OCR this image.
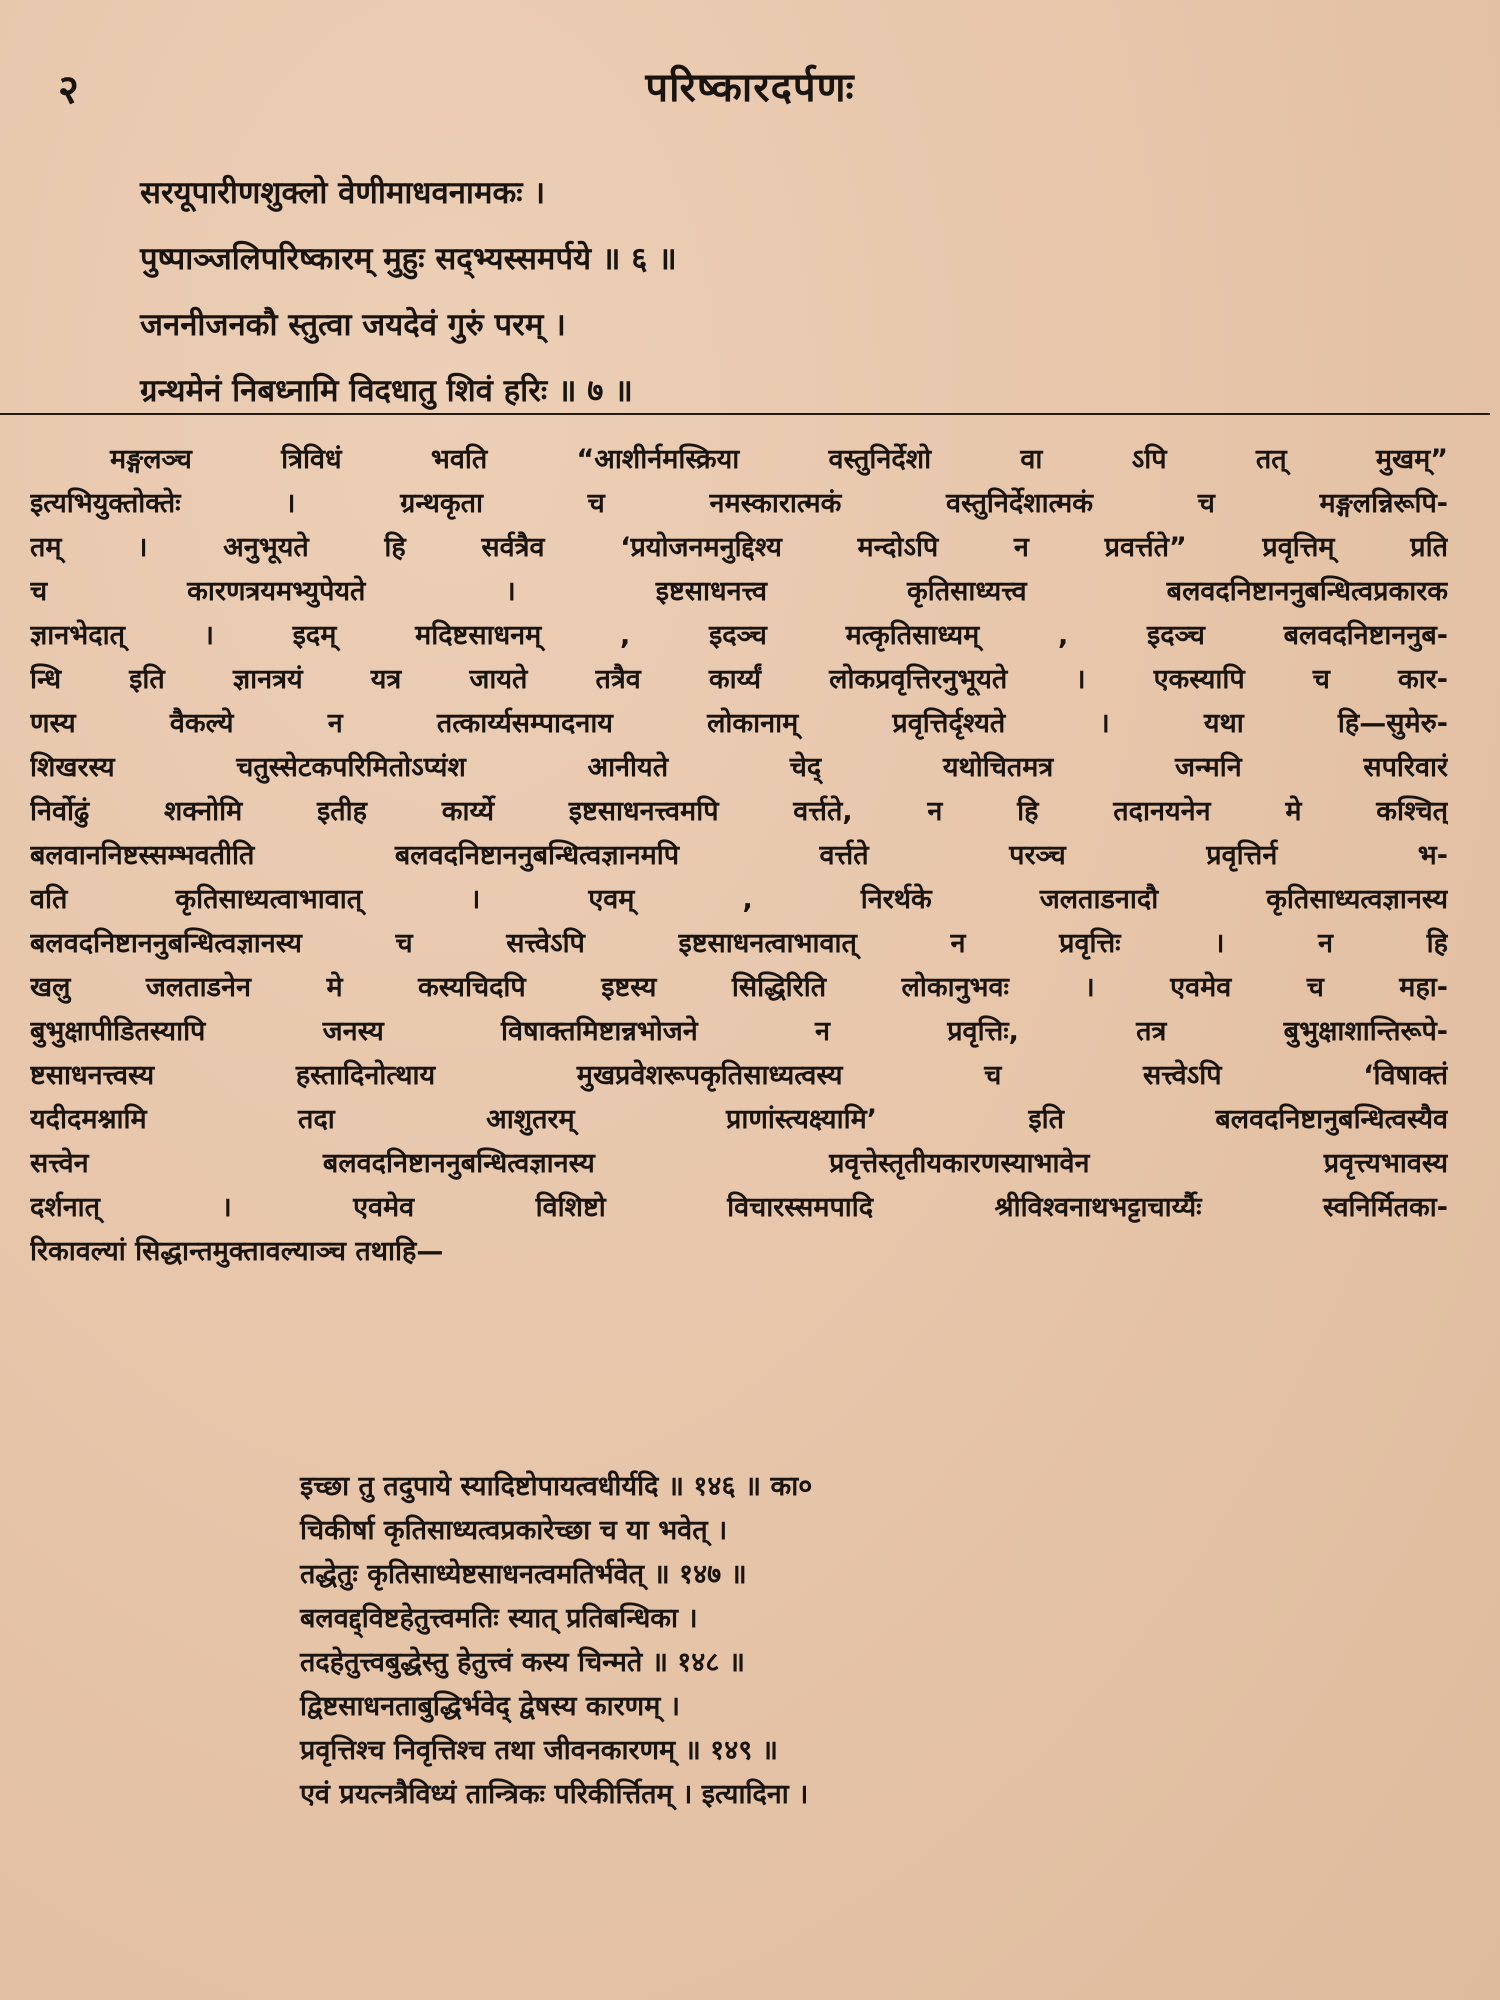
२	परिष्कारदर्पणः
सरयूपारीणशुक्लो वेणीमाधवनामकः ।
पुष्पाञ्जलिपरिष्कारम् मुहुः सद्भ्यस्समर्पये ॥ ६ ॥
जननीजनकौ स्तुत्वा जयदेवं गुरुं परम् ।
ग्रन्थमेनं निबध्नामि विदधातु शिवं हरिः ॥ ७ ॥
मङ्गलञ्च त्रिविधं भवति “आशीर्नमस्क्रिया वस्तुनिर्देशो वा ऽपि तत् मुखम्”
इत्यभियुक्तोक्तेः । ग्रन्थकृता च नमस्कारात्मकं वस्तुनिर्देशात्मकं च मङ्गलन्निरूपि-
तम् । अनुभूयते हि सर्वत्रैव ‘प्रयोजनमनुद्दिश्य मन्दोऽपि न प्रवर्त्तते” प्रवृत्तिम् प्रति
च कारणत्रयमभ्युपेयते । इष्टसाधनत्त्व कृतिसाध्यत्त्व बलवदनिष्टाननुबन्धित्वप्रकारक
ज्ञानभेदात् । इदम् मदिष्टसाधनम् , इदञ्च मत्कृतिसाध्यम् , इदञ्च बलवदनिष्टाननुब-
न्धि इति ज्ञानत्रयं यत्र जायते तत्रैव कार्य्यं लोकप्रवृत्तिरनुभूयते । एकस्यापि च कार-
णस्य वैकल्ये न तत्कार्य्यसम्पादनाय लोकानाम् प्रवृत्तिर्दृश्यते । यथा हि—सुमेरु-
शिखरस्य चतुस्सेटकपरिमितोऽप्यंश आनीयते चेद् यथोचितमत्र जन्मनि सपरिवारं
निर्वोढुं शक्नोमि इतीह कार्य्ये इष्टसाधनत्त्वमपि वर्त्तते, न हि तदानयनेन मे कश्चित्
बलवाननिष्टस्सम्भवतीति बलवदनिष्टाननुबन्धित्वज्ञानमपि वर्त्तते परञ्च प्रवृत्तिर्न भ-
वति कृतिसाध्यत्वाभावात् । एवम् , निरर्थके जलताडनादौ कृतिसाध्यत्वज्ञानस्य
बलवदनिष्टाननुबन्धित्वज्ञानस्य च सत्त्वेऽपि इष्टसाधनत्वाभावात् न प्रवृत्तिः । न हि
खलु जलताडनेन मे कस्यचिदपि इष्टस्य सिद्धिरिति लोकानुभवः । एवमेव च महा-
बुभुक्षापीडितस्यापि जनस्य विषाक्तमिष्टान्नभोजने न प्रवृत्तिः, तत्र बुभुक्षाशान्तिरूपे-
ष्टसाधनत्त्वस्य हस्तादिनोत्थाय मुखप्रवेशरूपकृतिसाध्यत्वस्य च सत्त्वेऽपि ‘विषाक्तं
यदीदमश्नामि तदा आशुतरम् प्राणांस्त्यक्ष्यामि’ इति बलवदनिष्टानुबन्धित्वस्यैव
सत्त्वेन बलवदनिष्टाननुबन्धित्वज्ञानस्य प्रवृत्तेस्तृतीयकारणस्याभावेन प्रवृत्त्यभावस्य
दर्शनात् । एवमेव विशिष्टो विचारस्समपादि श्रीविश्वनाथभट्टाचार्य्यैः स्वनिर्मितका-
रिकावल्यां सिद्धान्तमुक्तावल्याञ्च तथाहि—
इच्छा तु तदुपाये स्यादिष्टोपायत्वधीर्यदि ॥ १४६ ॥ का०
चिकीर्षा कृतिसाध्यत्वप्रकारेच्छा च या भवेत् ।
तद्धेतुः कृतिसाध्येष्टसाधनत्वमतिर्भवेत् ॥ १४७ ॥
बलवद्द्विष्टहेतुत्त्वमतिः स्यात् प्रतिबन्धिका ।
तदहेतुत्त्वबुद्धेस्तु हेतुत्त्वं कस्य चिन्मते ॥ १४८ ॥
द्विष्टसाधनताबुद्धिर्भवेद् द्वेषस्य कारणम् ।
प्रवृत्तिश्च निवृत्तिश्च तथा जीवनकारणम् ॥ १४९ ॥
एवं प्रयत्नत्रैविध्यं तान्त्रिकः परिकीर्त्तितम् । इत्यादिना ।
